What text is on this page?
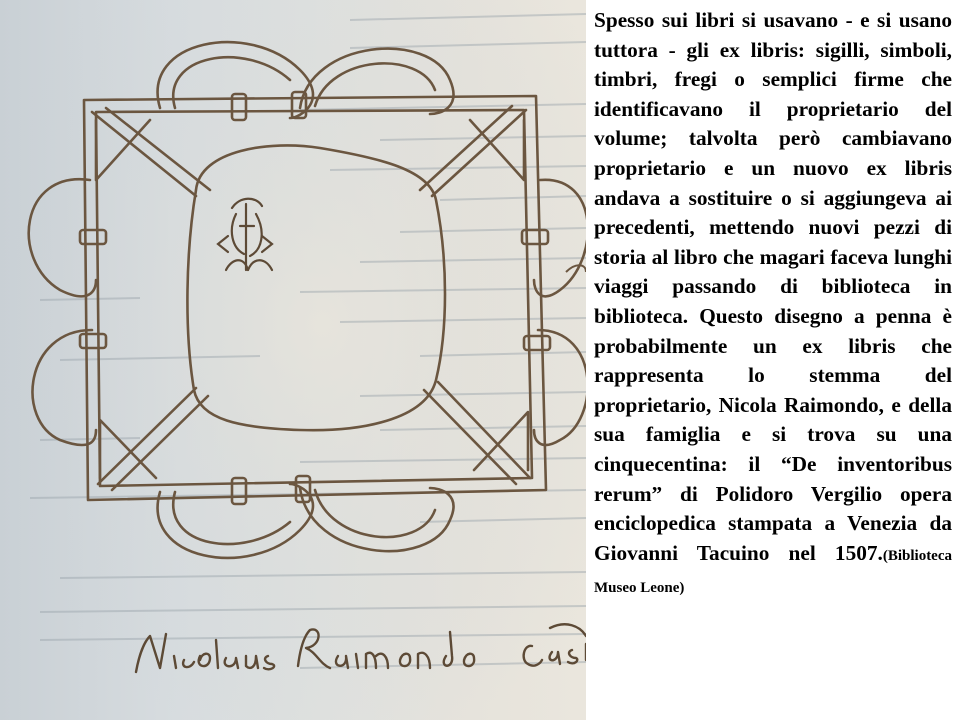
Spesso sui libri si usavano - e si usano tuttora - gli ex libris: sigilli, simboli, timbri, fregi o semplici firme che identificavano il proprietario del volume; talvolta però cambiavano proprietario e un nuovo ex libris andava a sostituire o si aggiungeva ai precedenti, mettendo nuovi pezzi di storia al libro che magari faceva lunghi viaggi passando di biblioteca in biblioteca. Questo disegno a penna è probabilmente un ex libris che rappresenta lo stemma del proprietario, Nicola Raimondo, e della sua famiglia e si trova su una cinquecentina: il “De inventoribus rerum” di Polidoro Vergilio opera enciclopedica stampata a Venezia da Giovanni Tacuino nel 1507.(Biblioteca Museo Leone)
